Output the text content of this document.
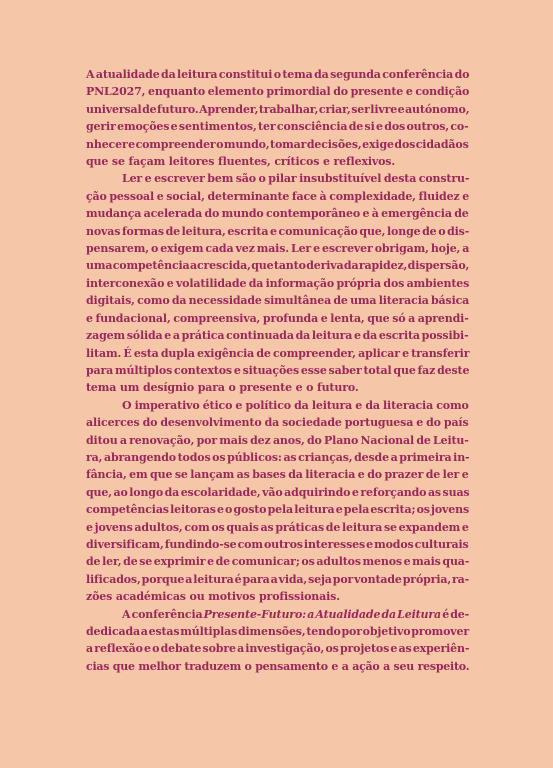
A atualidade da leitura constitui o tema da segunda conferência do
PNL2027, enquanto elemento primordial do presente e condição
universal de futuro. Aprender, trabalhar, criar, ser livre e autónomo,
gerir emoções e sentimentos, ter consciência de si e dos outros, co-
nhecer e compreender o mundo, tomar decisões, exige dos cidadãos
que se façam leitores fluentes, críticos e reflexivos.

Ler e escrever bem são o pilar insubstituível desta constru-
ção pessoal e social, determinante face à complexidade, fluidez e
mudança acelerada do mundo contemporâneo e à emergência de
novas formas de leitura, escrita e comunicação que, longe de o dis-
pensarem, o exigem cada vez mais. Ler e escrever obrigam, hoje, a
uma competência acrescida, que tanto deriva da rapidez, dispersão,
interconexão e volatilidade da informação própria dos ambientes
digitais, como da necessidade simultânea de uma literacia básica
e fundacional, compreensiva, profunda e lenta, que só a aprendi-
zagem sólida e a prática continuada da leitura e da escrita possibi-
litam. É esta dupla exigência de compreender, aplicar e transferir
para múltiplos contextos e situações esse saber total que faz deste
tema um desígnio para o presente e o futuro.

O imperativo ético e político da leitura e da literacia como
alicerces do desenvolvimento da sociedade portuguesa e do país
ditou a renovação, por mais dez anos, do Plano Nacional de Leitu-
ra, abrangendo todos os públicos: as crianças, desde a primeira in-
fância, em que se lançam as bases da literacia e do prazer de ler e
que, ao longo da escolaridade, vão adquirindo e reforçando as suas
competências leitoras e o gosto pela leitura e pela escrita; os jovens
e jovens adultos, com os quais as práticas de leitura se expandem e
diversificam, fundindo-se com outros interesses e modos culturais
de ler, de se exprimir e de comunicar; os adultos menos e mais qua-
lificados, porque a leitura é para a vida, seja por vontade própria, ra-
zões académicas ou motivos profissionais.

A conferência Presente-Futuro: a Atualidade da Leitura é de-
dedicada a estas múltiplas dimensões, tendo por objetivo promover
a reflexão e o debate sobre a investigação, os projetos e as experiên-
cias que melhor traduzem o pensamento e a ação a seu respeito.
